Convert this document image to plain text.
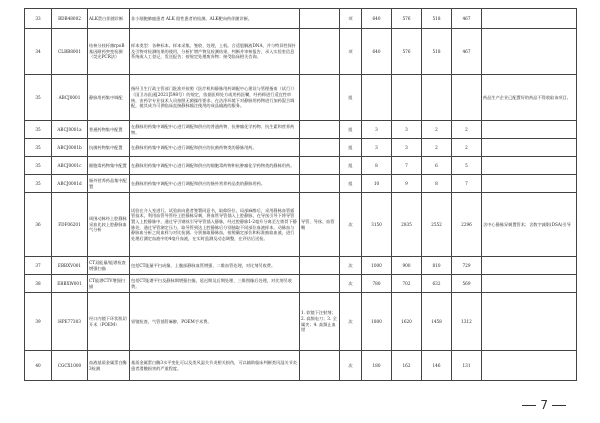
33	BDB48002	ALK蛋白伴随诊断	非小细胞肺癌患者 ALK 阳性患者的检测。ALK靶向药伴随诊断。		项	640	576	518	467	
34	CLBB8001	结核分枝杆菌rpoB基因耐药突变检测（荧光PCR法）	样本类型：各种标本。样本采集、签收、处理，上机。合适裂解液DNA，并与特异性探针及引物对检测结果的使用，分析扩增产物及检测结果，判断并审核报告，录入实验室信息系统或人工登记，发送报告；按规定处理废弃物；接受临床相关咨询。		项	640	576	518	467	
35	ABCJ0001	静脉用药集中调配	指经卫生行政主管部门批准并按照《医疗机构静脉用药调配中心建设与管理指南（试行）》（国卫办医函[2021]598号）的规定，依据医师处方或用药医嘱，经药师进行适宜性审核，由药学专业技术人员按照无菌操作要求，在洁净环境下对静脉用药物进行加药混合调配，使其成为可供临床直接静脉输注使用的成品输液的服务。		组					药品生产企业已配置好的药品不得收取该项目。
35	ABCJ0001a	普通药物集中配置	在静脉用药集中调配中心进行调配和供应的普通药物、抗肿瘤化学药物、抗生素和营养药物。		组	3	3	2	2	
35	ABCJ0001b	抗菌药物集中配置	在静脉用药集中调配中心进行调配和供应的抗菌药物类的静脉用药。		组	3	3	2	2	
35	ABCJ0001c	细胞毒药物集中配置	在静脉用药集中调配中心进行调配和供应的细胞毒药物和抗肿瘤化学药物类的静脉用药。		组	8	7	6	5	
35	ABCJ0001d	肠外营养药品集中配置	在静脉用药集中调配中心进行调配和供应的肠外营养药品类的静脉用药。		组	10	9	8	7	
36	FDF06201	周围动脉经上腔静脉采血比较上腔静脉血气分析	试验在介入室进行。试验前向患者签署同意书，取仰卧位。局部麻醉后，采用静脉血管插管技术，利用血管导管经上腔静脉穿刺，将血管导管插入上腔静脉，在导丝引导下将导管置入上腔静脉中，通过导引钢丝引导导管插入静脉，经过腔静脉1-2毫升分离至左锁骨下静脉处，通过导管测定压力，取导管到达上腔静脉后分别抽取不同部位血液样本，动脉血与静脉血分析之间血样与对比检测。分别抽取静脉血，按照确定部位和标准抽取血液，进行处理后测定血液中的4毫升血液，在实时监测及动态调整，在评估后送检。	导管、导丝、血管鞘	次	3150	2835	2552	2296	含中心静脉穿刺置管术；含数字减影(DSA)引导
37	EBBXV001	CT双能量/能谱检查增强扫描	包括CT能量平扫成像、上腹部静脉血管增强、二维血管处理，对比剂另收费。		次	1000	900	810	729	
38	EBBXW001	CT能谱CTV增强扫描	包括CT能谱平扫及静脉期增强扫描，延迟期及后期处理、三维图像后处理，对比剂另收费。		次	780	702	632	569	
39	HPE77303	经口内镜下环状肌切开术（POEM）	胃镜检查，气管插管麻醉，POEM手术费。	1. 软镜下注射剂；2. 高频电刀；3. 全属夹；4. 高频止血钳	次	1800	1620	1458	1312	
40	CGCX1000	血液基质金属蛋白酶3检测	基质金属蛋白酶3水平变化可以及类风湿关节炎相关损伤，可以辅助临床判断类风湿关节炎患者滑膜损害的严重程度。		次	180	162	146	131	
7
